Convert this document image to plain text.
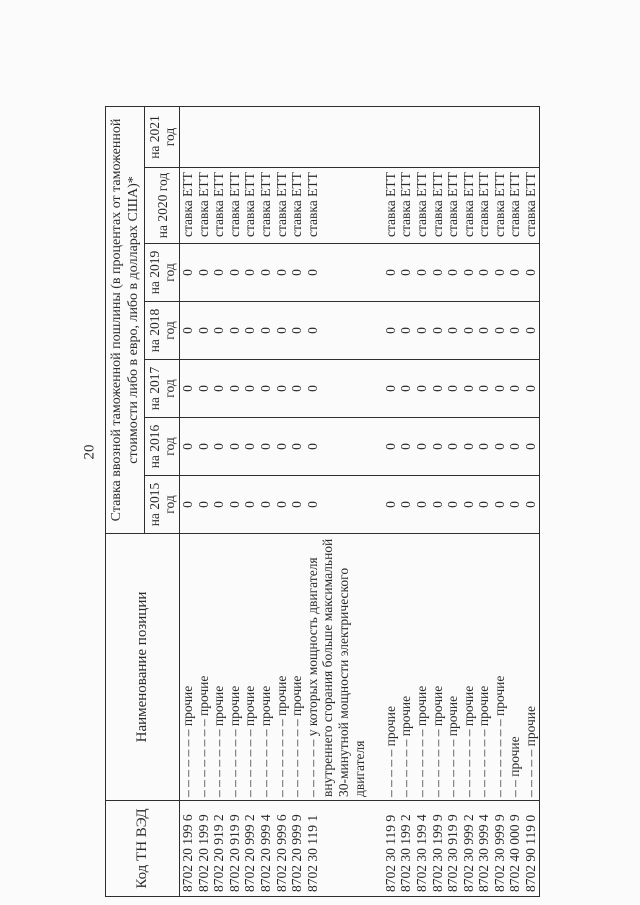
20
Код ТН ВЭД	Наименование позиции	Ставка ввозной таможенной пошлины (в процентах от таможенной стоимости либо в евро, либо в долларах США)*						
		на 2015 год	на 2016 год	на 2017 год	на 2018 год	на 2019 год	на 2020 год	на 2021 год
8702 20 199 6	– – – – – – – прочие	0	0	0	0	0	ставка ЕТТ	
8702 20 199 9	– – – – – – – – прочие	0	0	0	0	0	ставка ЕТТ	
8702 20 919 2	– – – – – – – прочие	0	0	0	0	0	ставка ЕТТ	
8702 20 919 9	– – – – – – – прочие	0	0	0	0	0	ставка ЕТТ	
8702 20 999 2	– – – – – – – прочие	0	0	0	0	0	ставка ЕТТ	
8702 20 999 4	– – – – – – – прочие	0	0	0	0	0	ставка ЕТТ	
8702 20 999 6	– – – – – – – – прочие	0	0	0	0	0	ставка ЕТТ	
8702 20 999 9	– – – – – – – – прочие	0	0	0	0	0	ставка ЕТТ	
8702 30 119 1	– – – – – – у которых мощность двигателя внутреннего сгорания больше максимальной 30-минутной мощности электрического двигателя	0	0	0	0	0	ставка ЕТТ	

8702 30 119 9	– – – – – прочие	0	0	0	0	0	ставка ЕТТ	
8702 30 199 2	– – – – – – прочие	0	0	0	0	0	ставка ЕТТ	
8702 30 199 4	– – – – – – – прочие	0	0	0	0	0	ставка ЕТТ	
8702 30 199 9	– – – – – – – прочие	0	0	0	0	0	ставка ЕТТ	
8702 30 919 9	– – – – – – прочие	0	0	0	0	0	ставка ЕТТ	
8702 30 999 2	– – – – – – – прочие	0	0	0	0	0	ставка ЕТТ	
8702 30 999 4	– – – – – – – прочие	0	0	0	0	0	ставка ЕТТ	
8702 30 999 9	– – – – – – – – прочие	0	0	0	0	0	ставка ЕТТ	
8702 40 000 9	– – прочие	0	0	0	0	0	ставка ЕТТ	
8702 90 119 0	– – – – – прочие	0	0	0	0	0	ставка ЕТТ	
